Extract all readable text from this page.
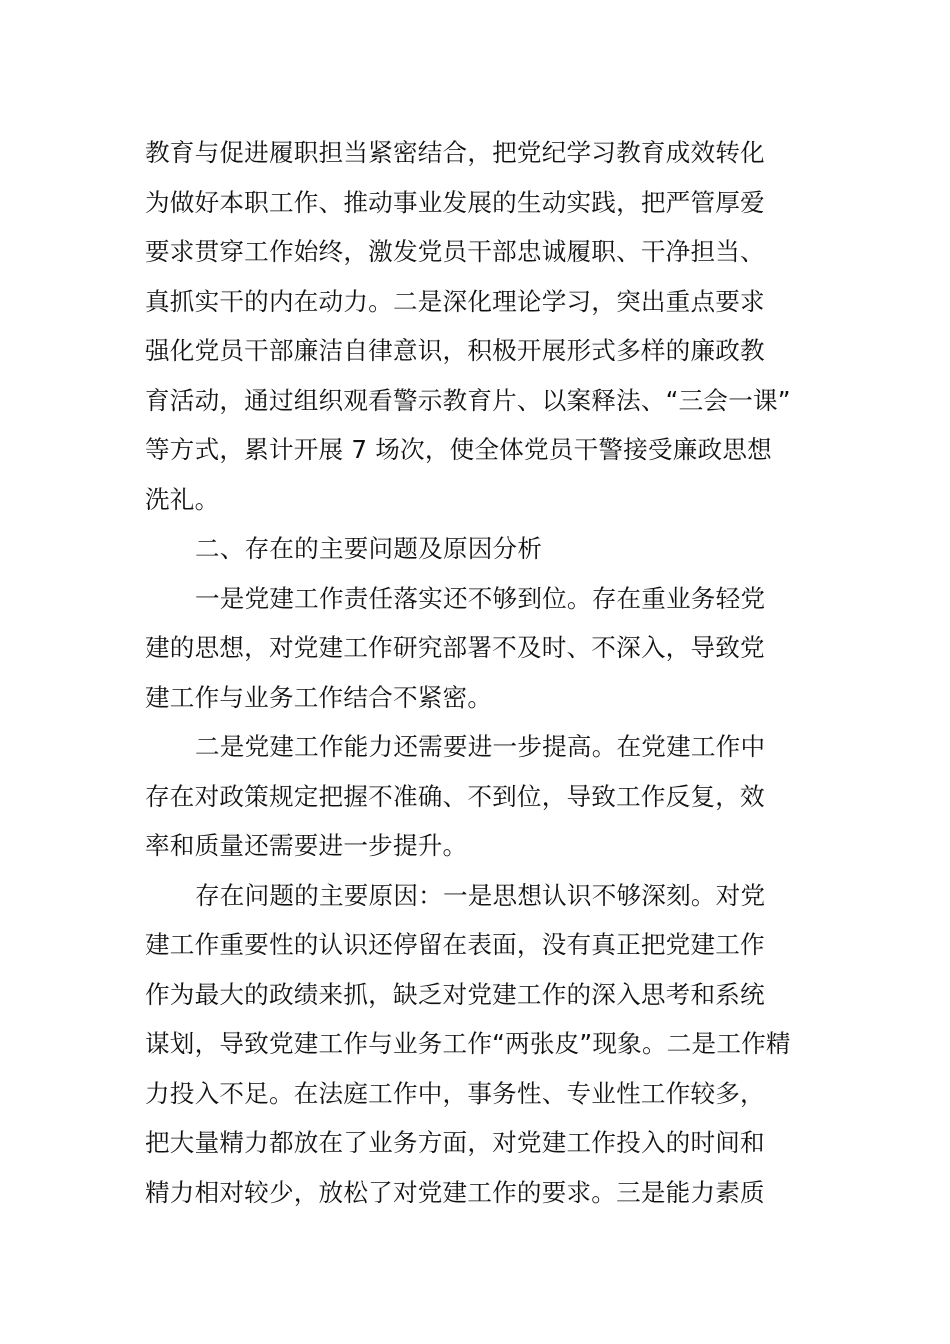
教育与促进履职担当紧密结合，把党纪学习教育成效转化
为做好本职工作、推动事业发展的生动实践，把严管厚爱
要求贯穿工作始终，激发党员干部忠诚履职、干净担当、
真抓实干的内在动力。二是深化理论学习，突出重点要求
强化党员干部廉洁自律意识，积极开展形式多样的廉政教
育活动，通过组织观看警示教育片、以案释法、“三会一课”
等方式，累计开展 7 场次，使全体党员干警接受廉政思想
洗礼。

二、存在的主要问题及原因分析

一是党建工作责任落实还不够到位。存在重业务轻党
建的思想，对党建工作研究部署不及时、不深入，导致党
建工作与业务工作结合不紧密。

二是党建工作能力还需要进一步提高。在党建工作中
存在对政策规定把握不准确、不到位，导致工作反复，效
率和质量还需要进一步提升。

存在问题的主要原因：一是思想认识不够深刻。对党
建工作重要性的认识还停留在表面，没有真正把党建工作
作为最大的政绩来抓，缺乏对党建工作的深入思考和系统
谋划，导致党建工作与业务工作“两张皮”现象。二是工作精
力投入不足。在法庭工作中，事务性、专业性工作较多，
把大量精力都放在了业务方面，对党建工作投入的时间和
精力相对较少，放松了对党建工作的要求。三是能力素质
